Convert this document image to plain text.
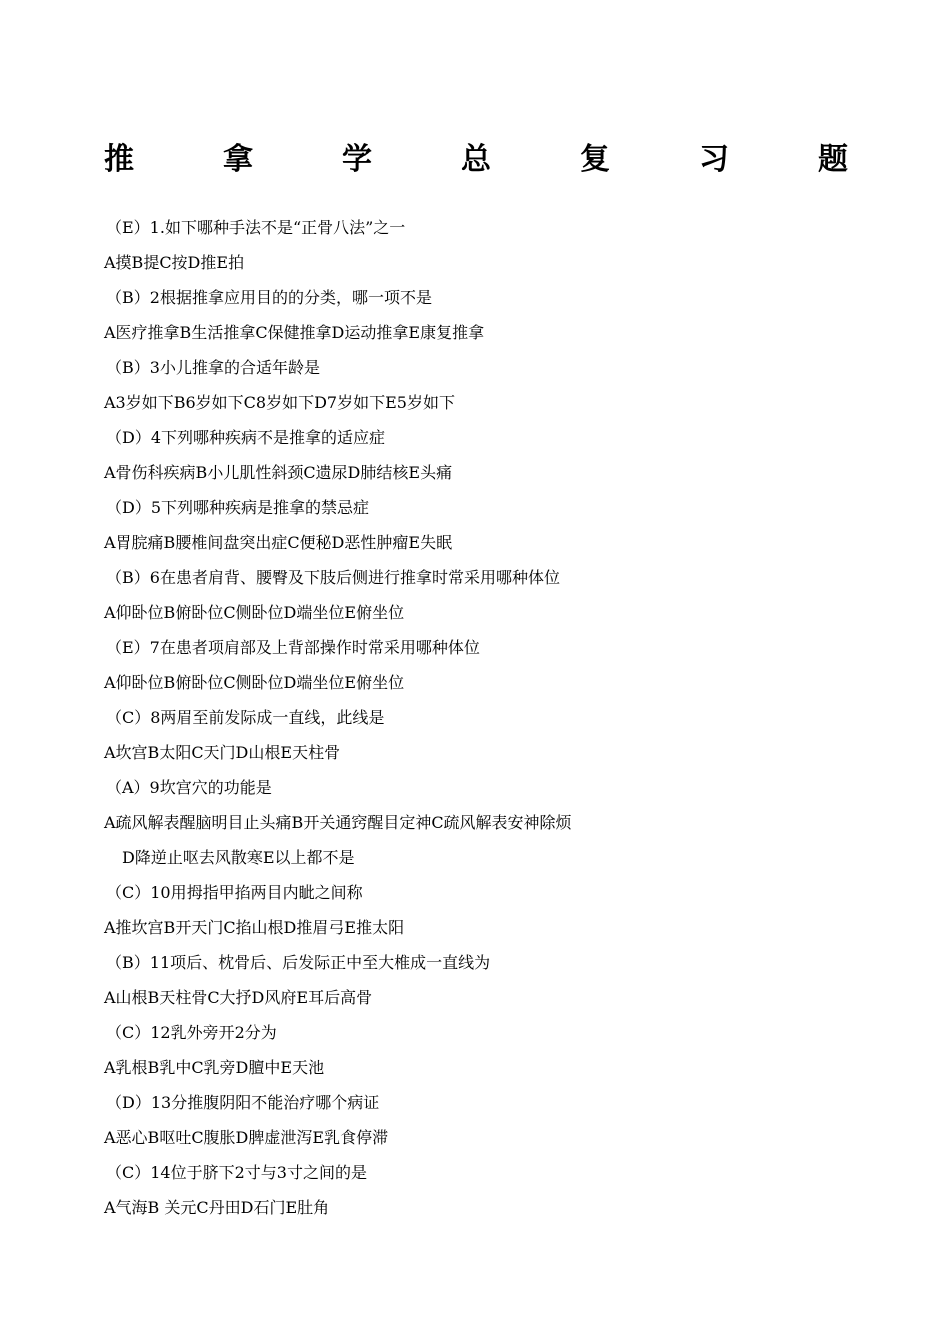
推	拿	学	总	复	习	题
（E）1.如下哪种手法不是“正骨八法”之一
A摸B提C按D推E拍
（B）2根据推拿应用目的的分类，哪一项不是
A医疗推拿B生活推拿C保健推拿D运动推拿E康复推拿
（B）3小儿推拿的合适年龄是
A3岁如下B6岁如下C8岁如下D7岁如下E5岁如下
（D）4下列哪种疾病不是推拿的适应症
A骨伤科疾病B小儿肌性斜颈C遗尿D肺结核E头痛
（D）5下列哪种疾病是推拿的禁忌症
A胃脘痛B腰椎间盘突出症C便秘D恶性肿瘤E失眠
（B）6在患者肩背、腰臀及下肢后侧进行推拿时常采用哪种体位
A仰卧位B俯卧位C侧卧位D端坐位E俯坐位
（E）7在患者项肩部及上背部操作时常采用哪种体位
A仰卧位B俯卧位C侧卧位D端坐位E俯坐位
（C）8两眉至前发际成一直线，此线是
A坎宫B太阳C天门D山根E天柱骨
（A）9坎宫穴的功能是
A疏风解表醒脑明目止头痛B开关通窍醒目定神C疏风解表安神除烦
D降逆止呕去风散寒E以上都不是
（C）10用拇指甲掐两目内眦之间称
A推坎宫B开天门C掐山根D推眉弓E推太阳
（B）11项后、枕骨后、后发际正中至大椎成一直线为
A山根B天柱骨C大抒D风府E耳后高骨
（C）12乳外旁开2分为
A乳根B乳中C乳旁D膻中E天池
（D）13分推腹阴阳不能治疗哪个病证
A恶心B呕吐C腹胀D脾虚泄泻E乳食停滞
（C）14位于脐下2寸与3寸之间的是
A气海B 关元C丹田D石门E肚角
